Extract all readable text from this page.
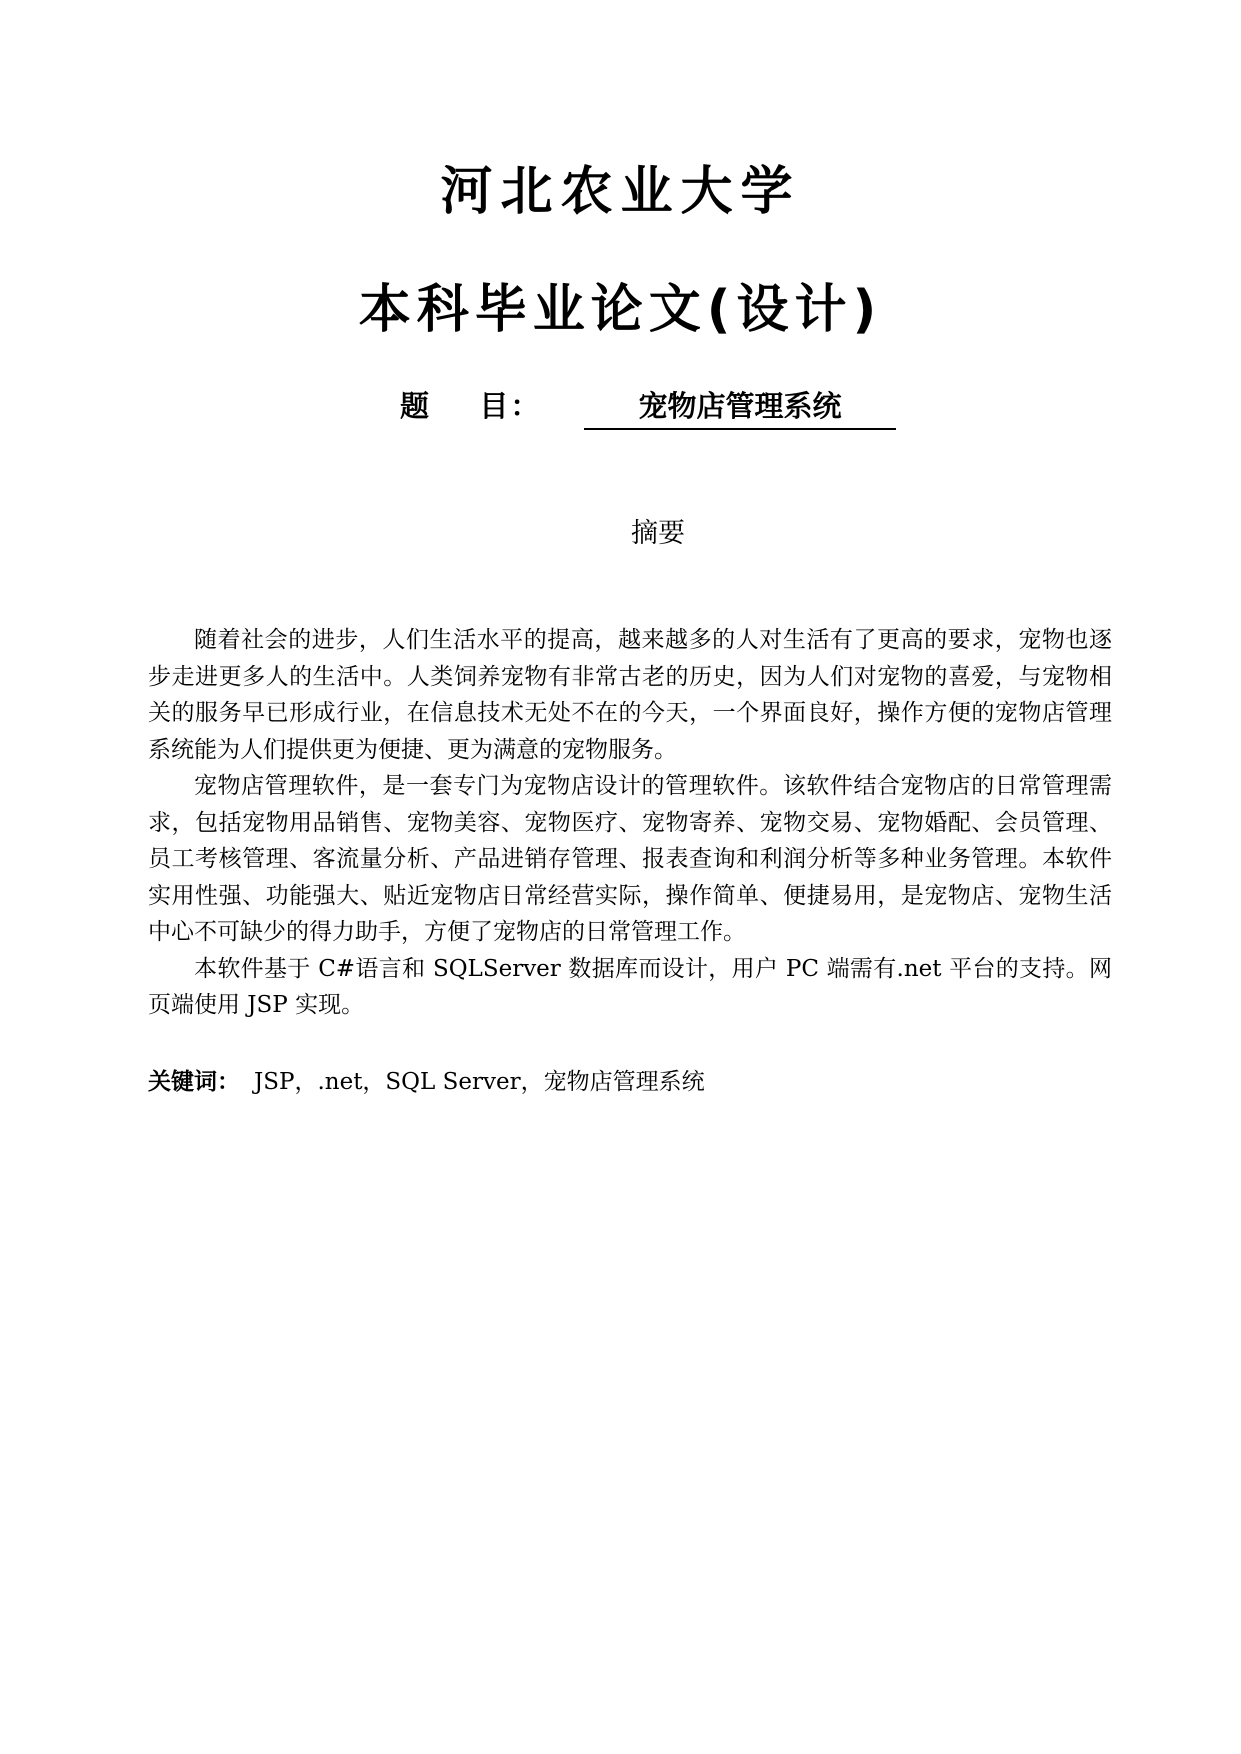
河北农业大学
本科毕业论文(设计)
题    目：	宠物店管理系统
摘要

随着社会的进步，人们生活水平的提高，越来越多的人对生活有了更高的要求，宠物也逐步走进更多人的生活中。人类饲养宠物有非常古老的历史，因为人们对宠物的喜爱，与宠物相关的服务早已形成行业，在信息技术无处不在的今天，一个界面良好，操作方便的宠物店管理系统能为人们提供更为便捷、更为满意的宠物服务。

宠物店管理软件，是一套专门为宠物店设计的管理软件。该软件结合宠物店的日常管理需求，包括宠物用品销售、宠物美容、宠物医疗、宠物寄养、宠物交易、宠物婚配、会员管理、员工考核管理、客流量分析、产品进销存管理、报表查询和利润分析等多种业务管理。本软件实用性强、功能强大、贴近宠物店日常经营实际，操作简单、便捷易用，是宠物店、宠物生活中心不可缺少的得力助手，方便了宠物店的日常管理工作。

本软件基于 C#语言和 SQLServer 数据库而设计，用户 PC 端需有.net 平台的支持。网页端使用 JSP 实现。

关键词： JSP，.net，SQL Server，宠物店管理系统
